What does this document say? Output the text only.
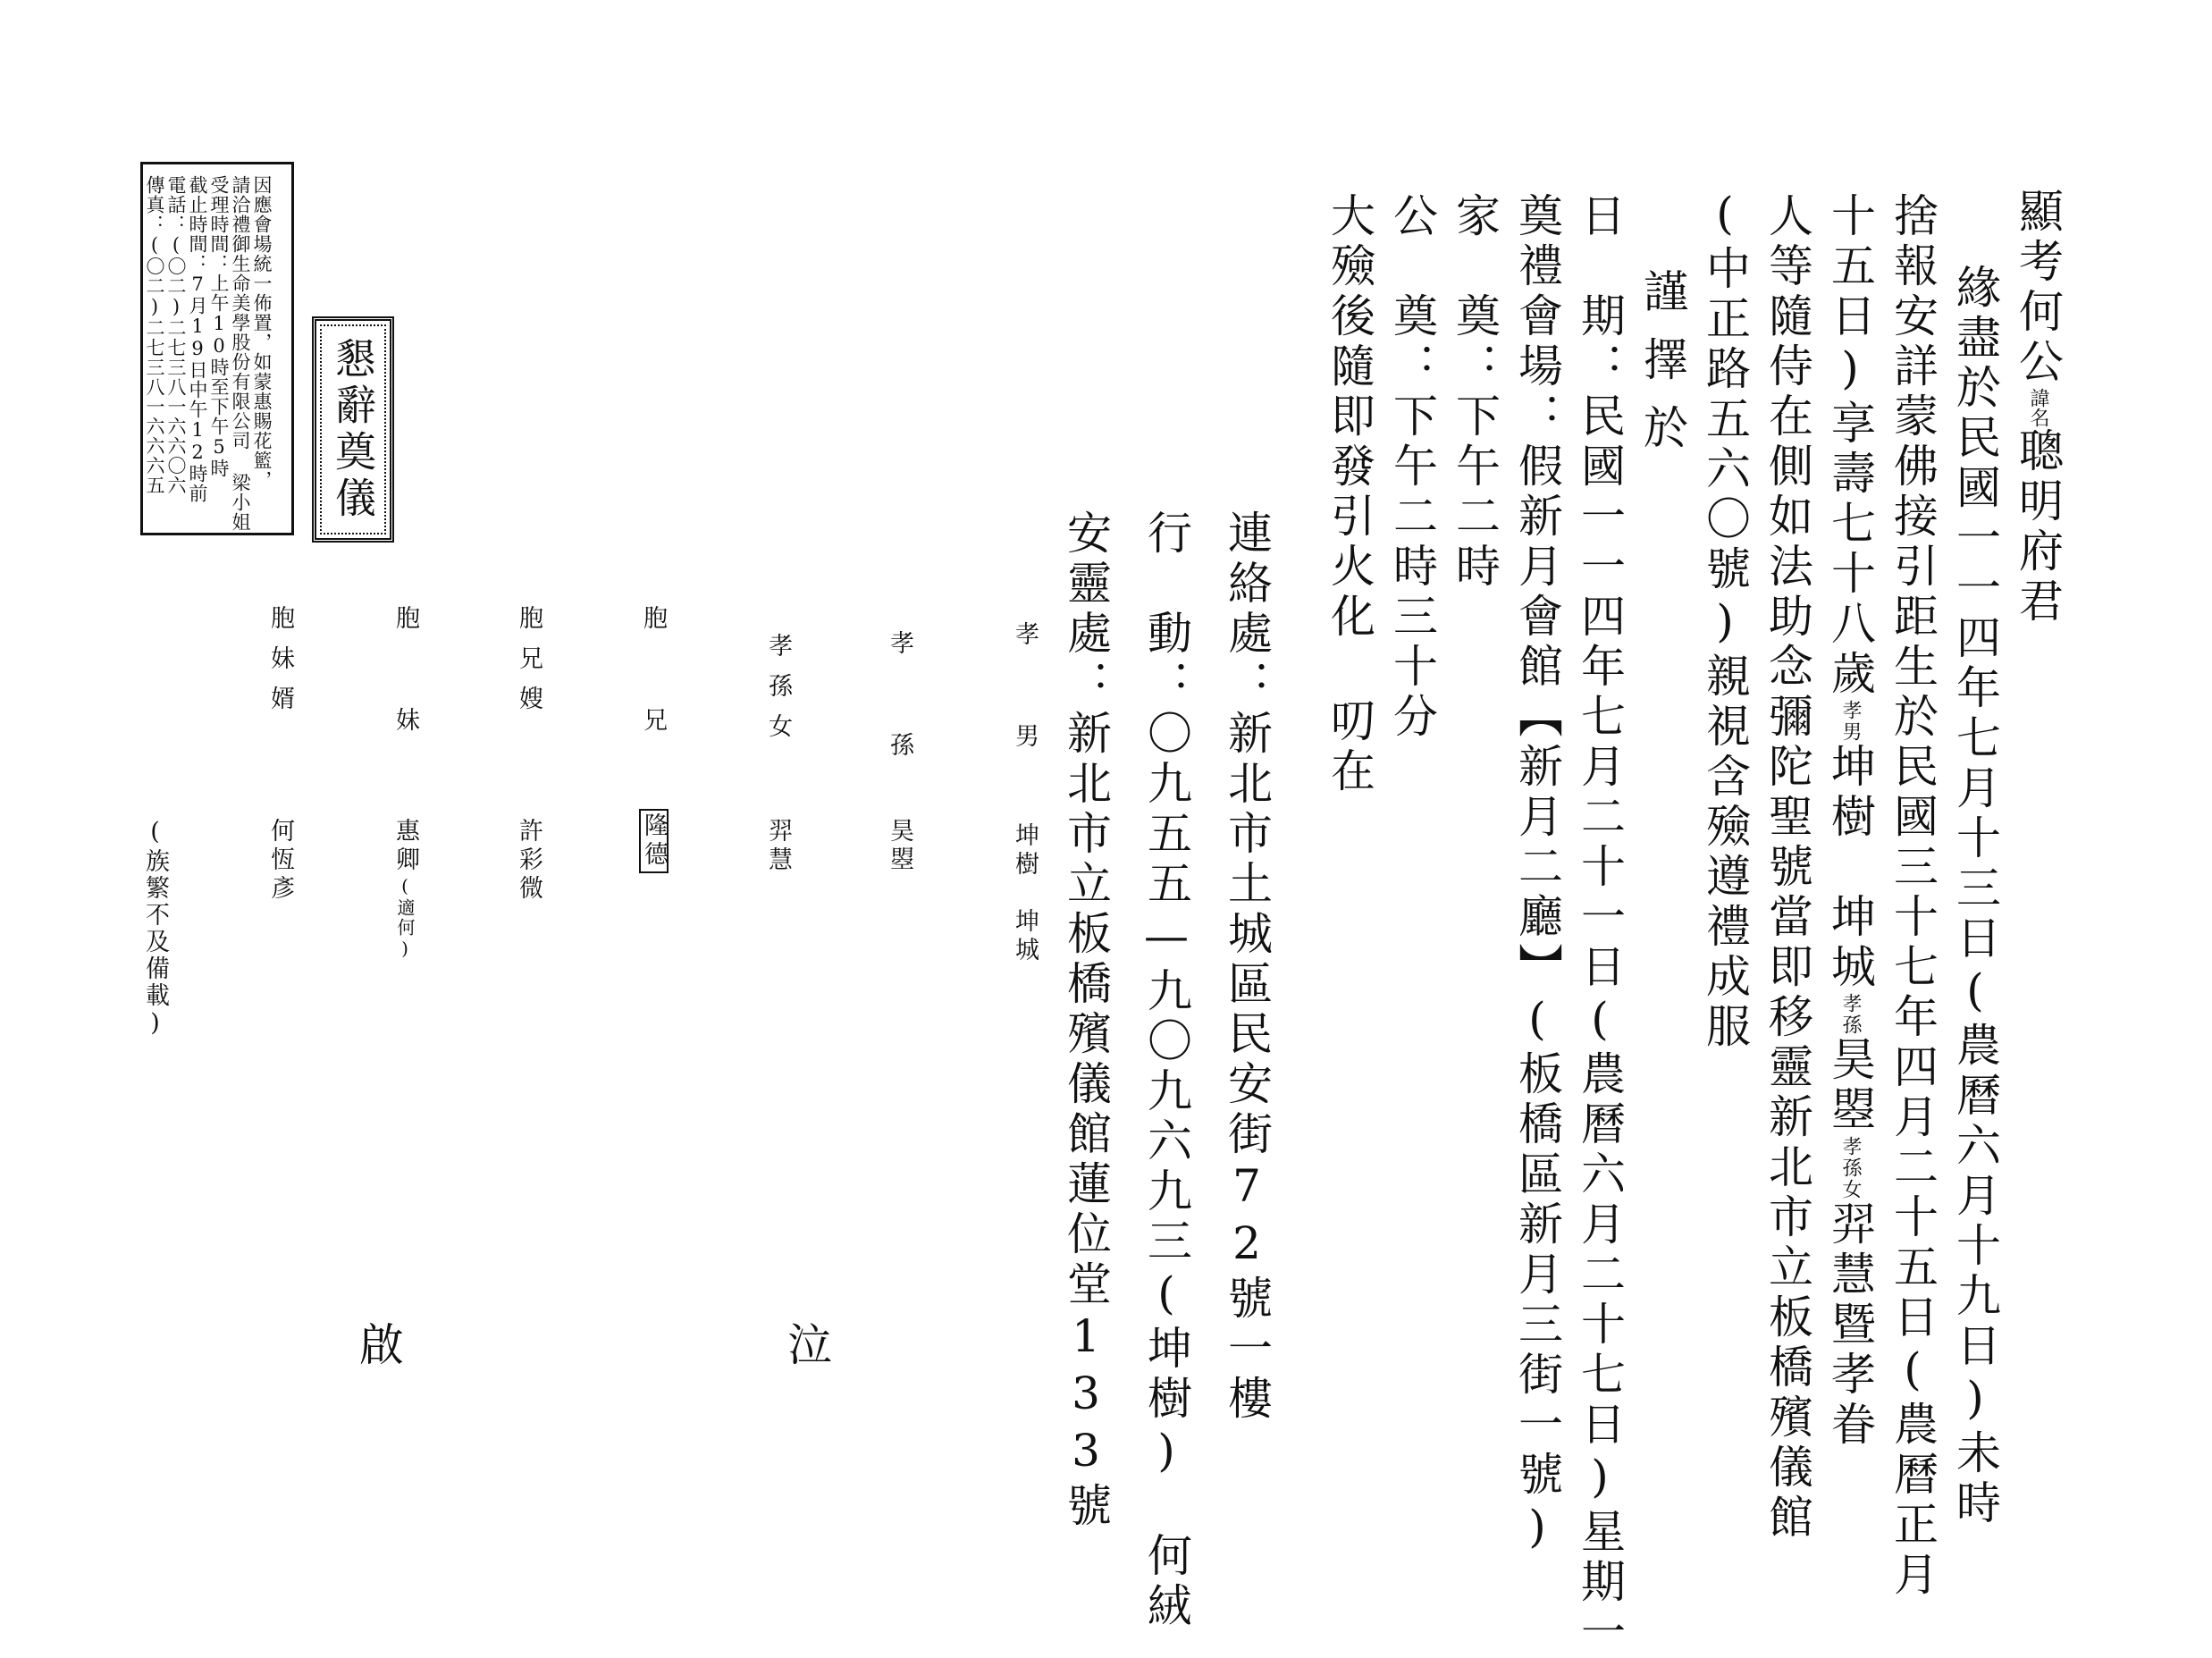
顯考何公諱名聰明府君
緣盡於民國一一四年七月十三日(農曆六月十九日)未時
捨報安詳蒙佛接引距生於民國三十七年四月二十五日(農曆正月
十五日)享壽七十八歲孝男坤樹　坤城孝孫昊曌孝孫女羿慧暨孝眷
人等隨侍在側如法助念彌陀聖號當即移靈新北市立板橋殯儀館
(中正路五六〇號)親視含殮遵禮成服
謹擇於
日　期：民國一一四年七月二十一日(農曆六月二十七日)星期一
奠禮會場：假新月會館【新月二廳】(板橋區新月三街一號)
家　奠：下午二時
公　奠：下午二時三十分
大殮後隨即發引火化
叨在
連絡處：新北市土城區民安街72號一樓
行　動：〇九五五—九〇九六九三(坤樹)　何絨
安靈處：新北市立板橋殯儀館蓮位堂133號
孝　男
坤樹　坤城
孝　孫
昊曌
孝孫女
羿慧
泣
胞　兄
隆德
胞兄嫂
許彩微
胞　妹
惠卿(適何)
胞妹婿
何恆彥
啟
(族繁不及備載)
懇辭奠儀
因應會場統一佈置，如蒙惠賜花籃，
請洽禮御生命美學股份有限公司 梁小姐
受理時間：上午10時至下午5時
截止時間：7月19日中午12時前
電話：(〇二)二七三八一六六〇六
傳真：(〇二)二七三八一六六六五
